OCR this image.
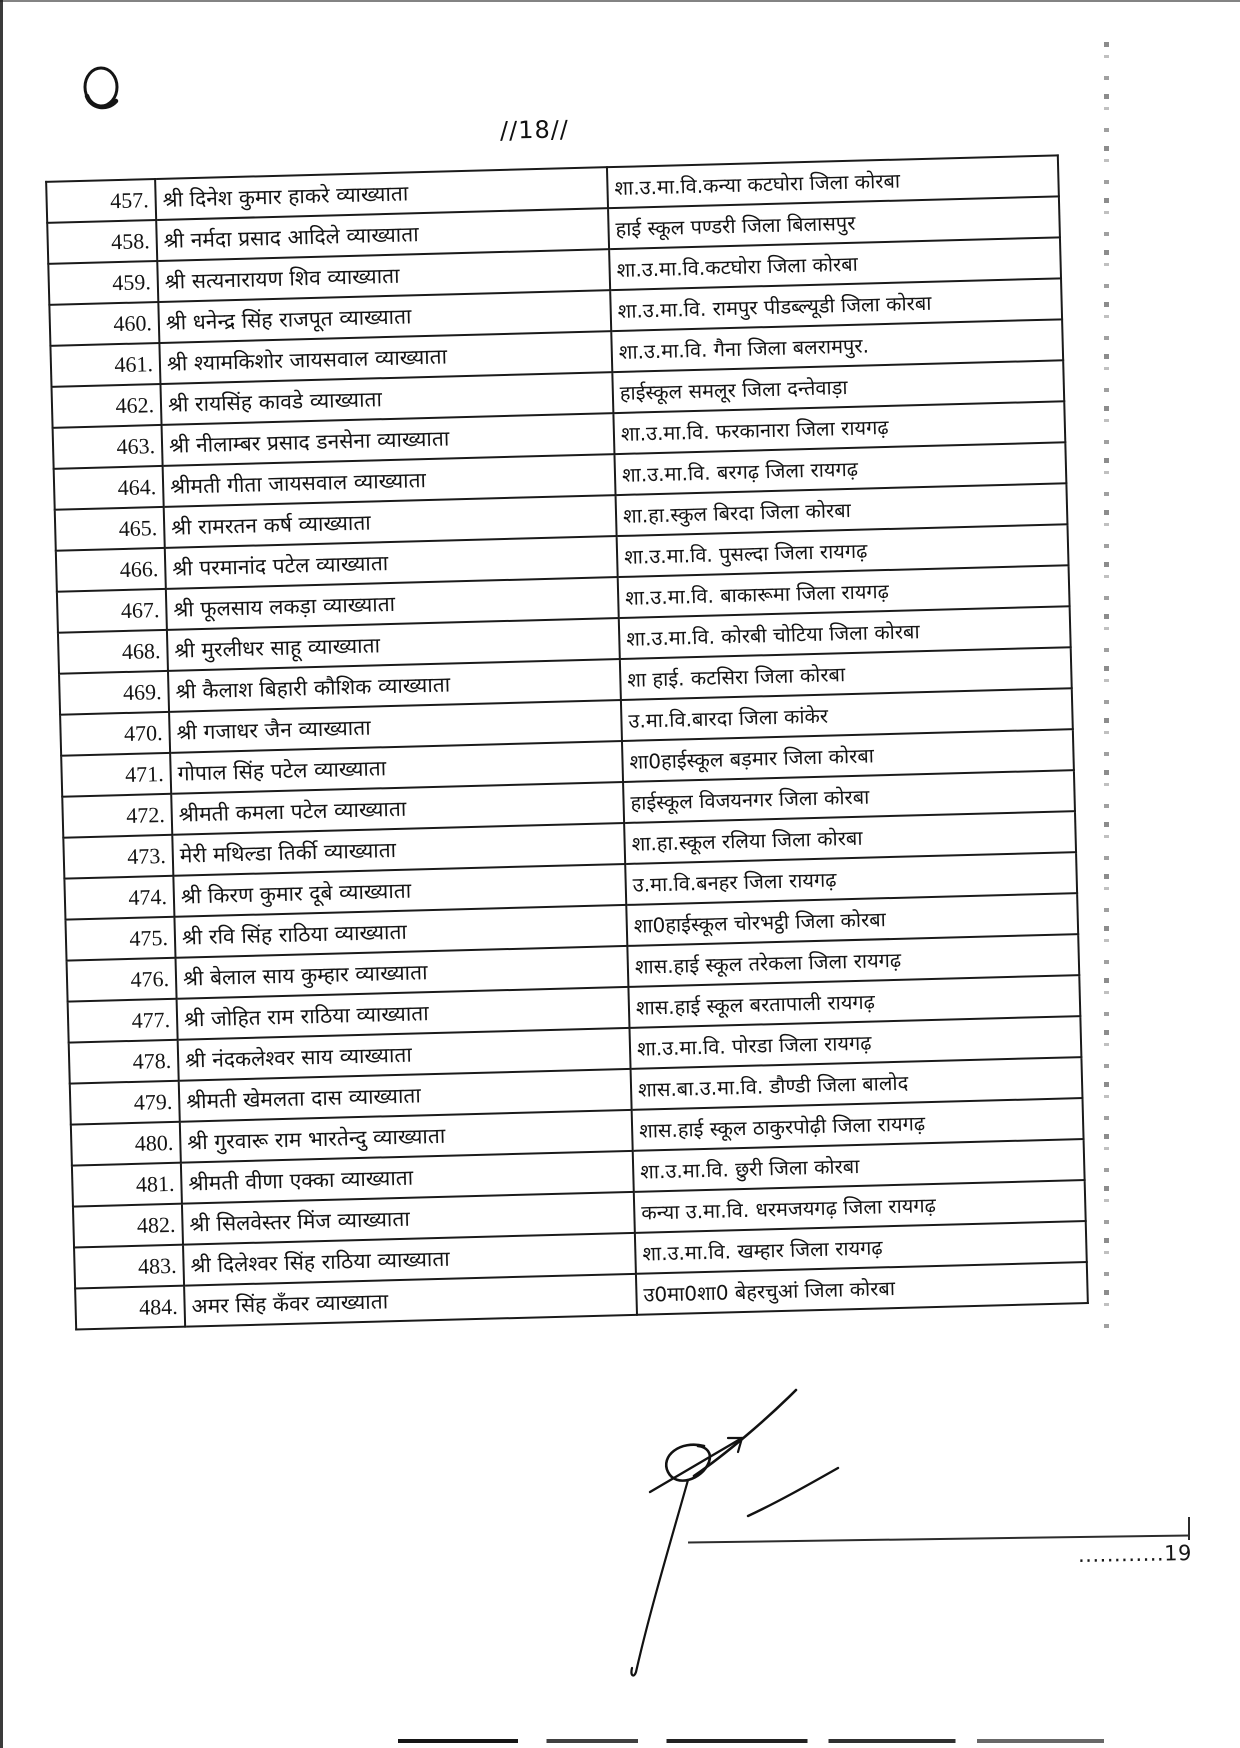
//18//
457.	श्री दिनेश कुमार हाकरे व्याख्याता	शा.उ.मा.वि.कन्या कटघोरा जिला कोरबा
458.	श्री नर्मदा प्रसाद आदिले व्याख्याता	हाई स्कूल पण्डरी जिला बिलासपुर
459.	श्री सत्यनारायण शिव व्याख्याता	शा.उ.मा.वि.कटघोरा जिला कोरबा
460.	श्री धनेन्द्र सिंह राजपूत व्याख्याता	शा.उ.मा.वि. रामपुर पीडब्ल्यूडी जिला कोरबा
461.	श्री श्यामकिशोर जायसवाल व्याख्याता	शा.उ.मा.वि. गैना जिला बलरामपुर.
462.	श्री रायसिंह कावडे व्याख्याता	हाईस्कूल समलूर जिला दन्तेवाड़ा
463.	श्री नीलाम्बर प्रसाद डनसेना व्याख्याता	शा.उ.मा.वि. फरकानारा जिला रायगढ़
464.	श्रीमती गीता जायसवाल व्याख्याता	शा.उ.मा.वि. बरगढ़ जिला रायगढ़
465.	श्री रामरतन कर्ष व्याख्याता	शा.हा.स्कुल बिरदा जिला कोरबा
466.	श्री परमानांद पटेल व्याख्याता	शा.उ.मा.वि. पुसल्दा जिला रायगढ़
467.	श्री फूलसाय लकड़ा व्याख्याता	शा.उ.मा.वि. बाकारूमा जिला रायगढ़
468.	श्री मुरलीधर साहू व्याख्याता	शा.उ.मा.वि. कोरबी चोटिया जिला कोरबा
469.	श्री कैलाश बिहारी कौशिक व्याख्याता	शा हाई. कटसिरा जिला कोरबा
470.	श्री गजाधर जैन व्याख्याता	उ.मा.वि.बारदा जिला कांकेर
471.	गोपाल सिंह पटेल व्याख्याता	शा0हाईस्कूल बड़मार जिला कोरबा
472.	श्रीमती कमला पटेल व्याख्याता	हाईस्कूल विजयनगर जिला कोरबा
473.	मेरी मथिल्डा तिर्की व्याख्याता	शा.हा.स्कूल रलिया जिला कोरबा
474.	श्री किरण कुमार दूबे व्याख्याता	उ.मा.वि.बनहर जिला रायगढ़
475.	श्री रवि सिंह राठिया व्याख्याता	शा0हाईस्कूल चोरभट्ठी जिला कोरबा
476.	श्री बेलाल साय कुम्हार व्याख्याता	शास.हाई स्कूल तरेकला जिला रायगढ़
477.	श्री जोहित राम राठिया व्याख्याता	शास.हाई स्कूल बरतापाली रायगढ़
478.	श्री नंदकलेश्वर साय व्याख्याता	शा.उ.मा.वि. पोरडा जिला रायगढ़
479.	श्रीमती खेमलता दास व्याख्याता	शास.बा.उ.मा.वि. डौण्डी जिला बालोद
480.	श्री गुरवारू राम भारतेन्दु व्याख्याता	शास.हाई स्कूल ठाकुरपोढ़ी जिला रायगढ़
481.	श्रीमती वीणा एक्का व्याख्याता	शा.उ.मा.वि. छुरी जिला कोरबा
482.	श्री सिलवेस्तर मिंज व्याख्याता	कन्या उ.मा.वि. धरमजयगढ़ जिला रायगढ़
483.	श्री दिलेश्वर सिंह राठिया व्याख्याता	शा.उ.मा.वि. खम्हार जिला रायगढ़
484.	अमर सिंह कँवर व्याख्याता	उ0मा0शा0 बेहरचुआं जिला कोरबा
............19
